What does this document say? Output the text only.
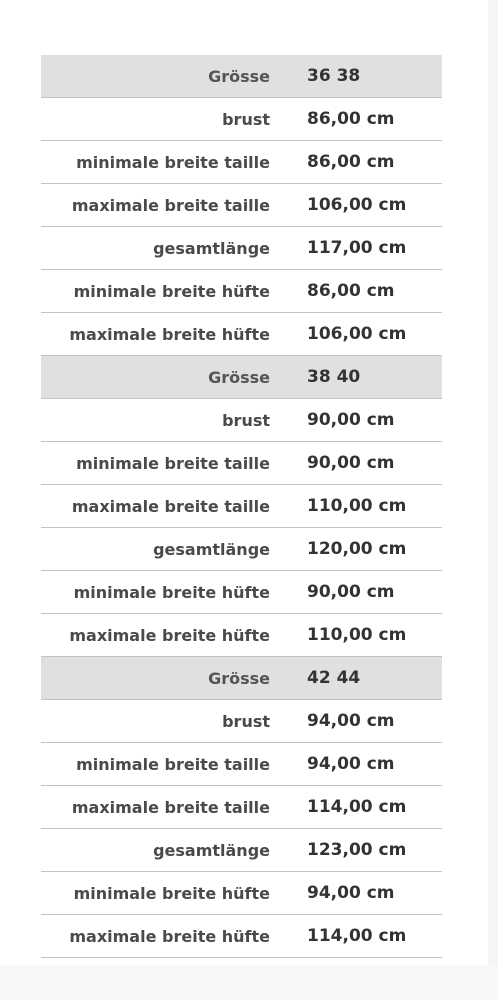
Grösse	36 38
brust	86,00 cm
minimale breite taille	86,00 cm
maximale breite taille	106,00 cm
gesamtlänge	117,00 cm
minimale breite hüfte	86,00 cm
maximale breite hüfte	106,00 cm
Grösse	38 40
brust	90,00 cm
minimale breite taille	90,00 cm
maximale breite taille	110,00 cm
gesamtlänge	120,00 cm
minimale breite hüfte	90,00 cm
maximale breite hüfte	110,00 cm
Grösse	42 44
brust	94,00 cm
minimale breite taille	94,00 cm
maximale breite taille	114,00 cm
gesamtlänge	123,00 cm
minimale breite hüfte	94,00 cm
maximale breite hüfte	114,00 cm
